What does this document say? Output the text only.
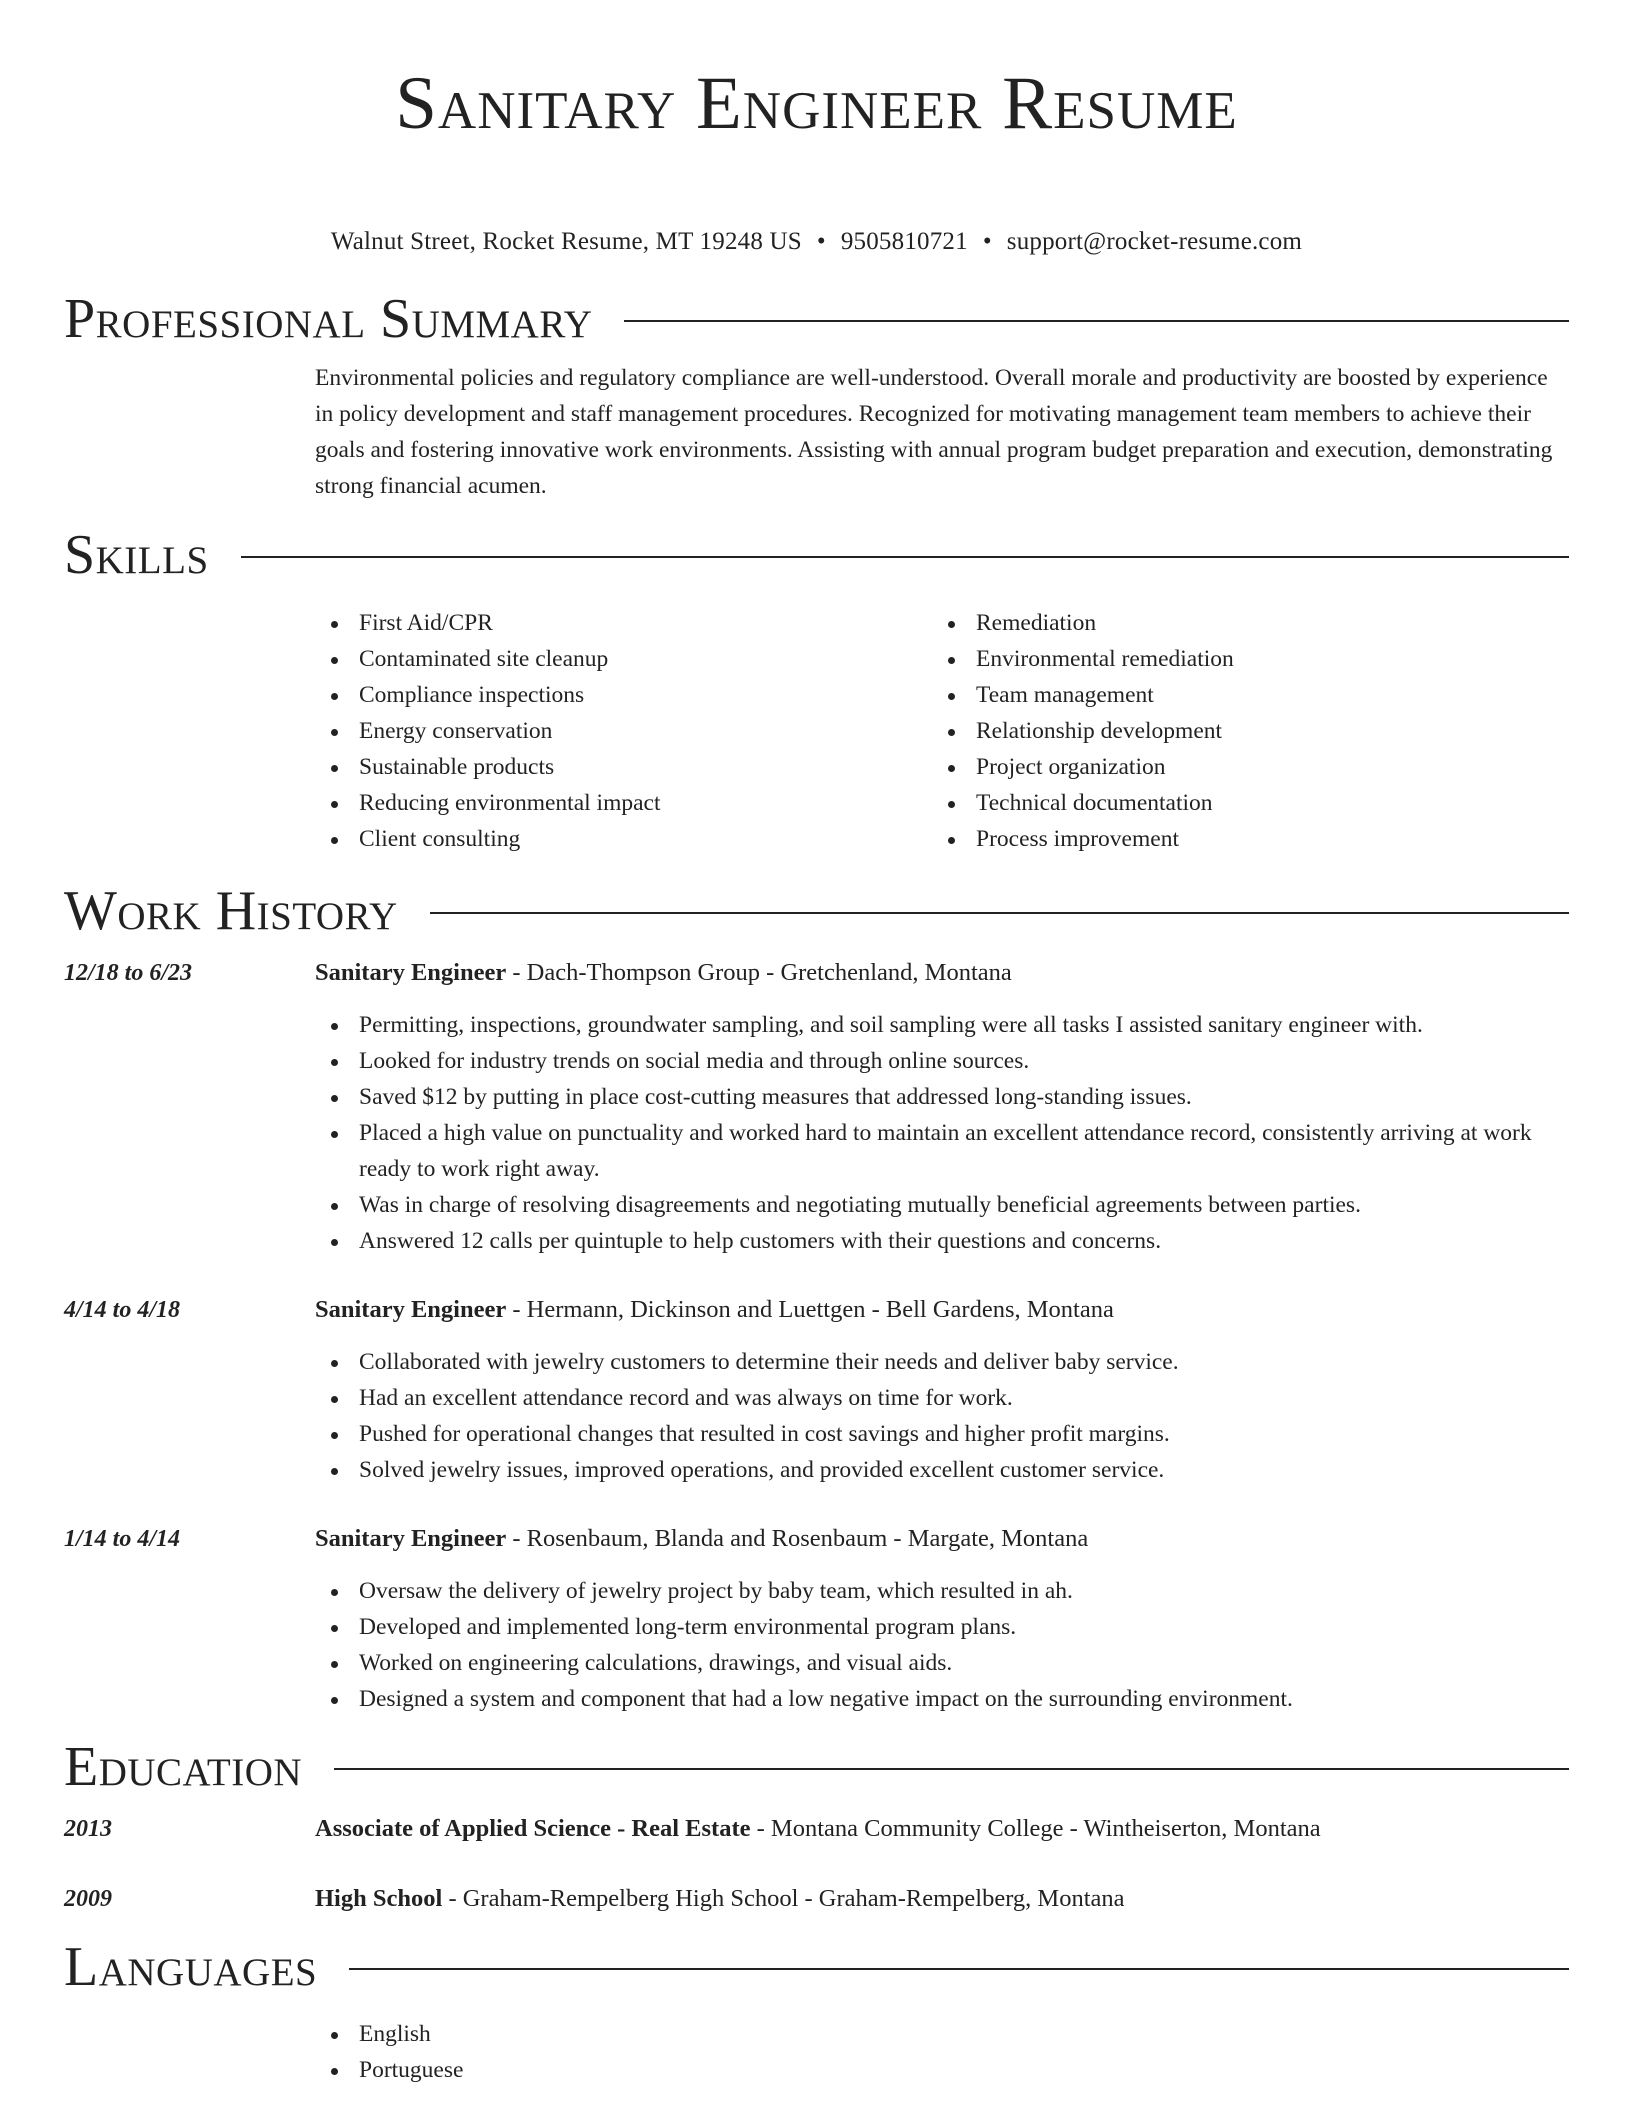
Sanitary Engineer Resume
Walnut Street, Rocket Resume, MT 19248 US • 9505810721 • support@rocket-resume.com
Professional Summary

Environmental policies and regulatory compliance are well-understood. Overall morale and productivity are boosted by experience in policy development and staff management procedures. Recognized for motivating management team members to achieve their goals and fostering innovative work environments. Assisting with annual program budget preparation and execution, demonstrating strong financial acumen.

Skills
First Aid/CPR
Contaminated site cleanup
Compliance inspections
Energy conservation
Sustainable products
Reducing environmental impact
Client consulting
Remediation
Environmental remediation
Team management
Relationship development
Project organization
Technical documentation
Process improvement
Work History
12/18 to 6/23	Sanitary Engineer - Dach-Thompson Group - Gretchenland, Montana
Permitting, inspections, groundwater sampling, and soil sampling were all tasks I assisted sanitary engineer with.
Looked for industry trends on social media and through online sources.
Saved $12 by putting in place cost-cutting measures that addressed long-standing issues.
Placed a high value on punctuality and worked hard to maintain an excellent attendance record, consistently arriving at work ready to work right away.
Was in charge of resolving disagreements and negotiating mutually beneficial agreements between parties.
Answered 12 calls per quintuple to help customers with their questions and concerns.
4/14 to 4/18	Sanitary Engineer - Hermann, Dickinson and Luettgen - Bell Gardens, Montana
Collaborated with jewelry customers to determine their needs and deliver baby service.
Had an excellent attendance record and was always on time for work.
Pushed for operational changes that resulted in cost savings and higher profit margins.
Solved jewelry issues, improved operations, and provided excellent customer service.
1/14 to 4/14	Sanitary Engineer - Rosenbaum, Blanda and Rosenbaum - Margate, Montana
Oversaw the delivery of jewelry project by baby team, which resulted in ah.
Developed and implemented long-term environmental program plans.
Worked on engineering calculations, drawings, and visual aids.
Designed a system and component that had a low negative impact on the surrounding environment.
Education
2013	Associate of Applied Science - Real Estate - Montana Community College - Wintheiserton, Montana
2009	High School - Graham-Rempelberg High School - Graham-Rempelberg, Montana
Languages
English
Portuguese
